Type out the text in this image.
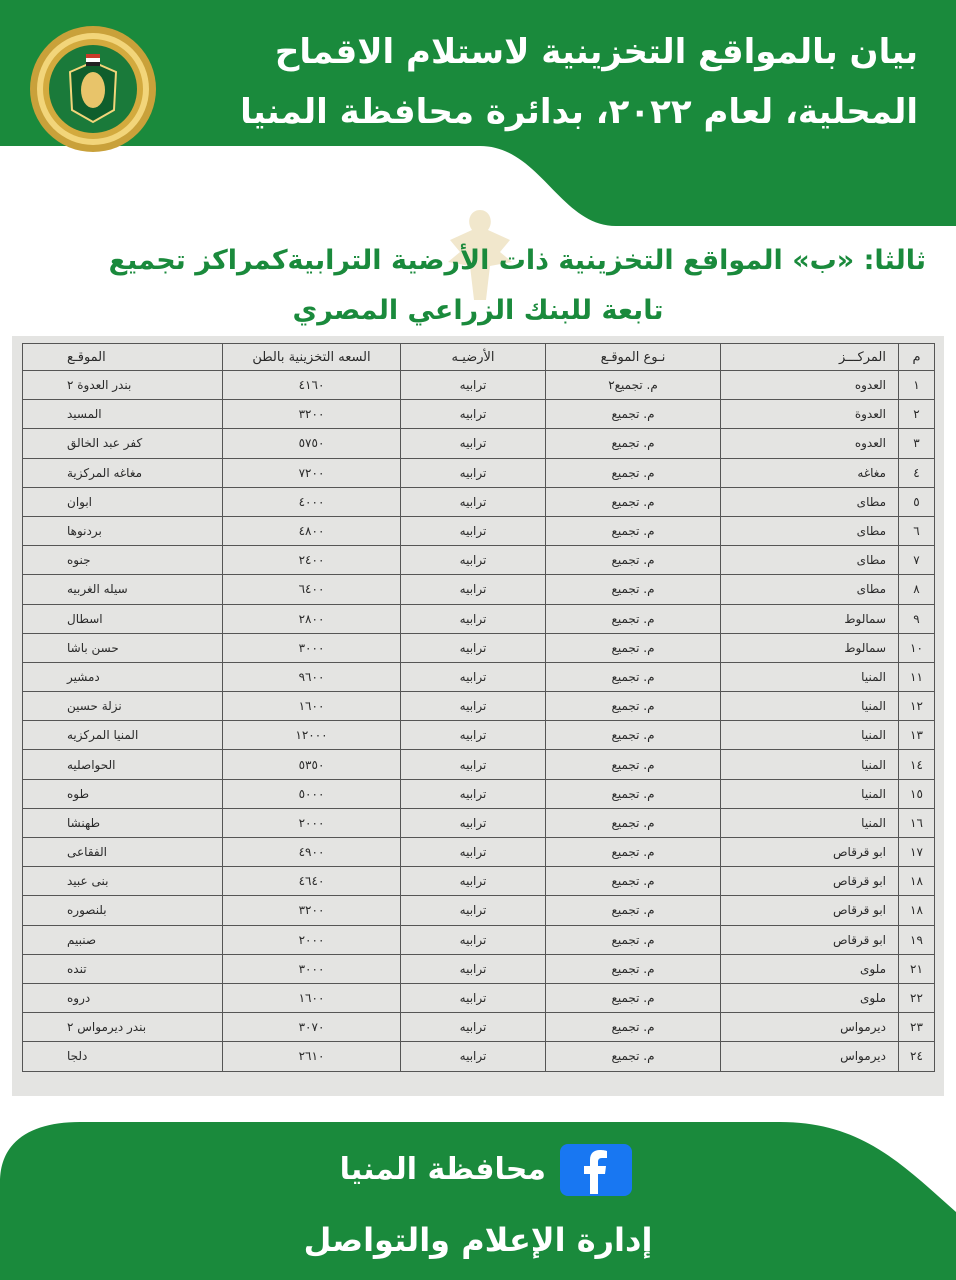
بيان بالمواقع التخزينية لاستلام الاقماح
المحلية، لعام ٢٠٢٢، بدائرة محافظة المنيا
ثالثا: «ب» المواقع التخزينية ذات الأرضية الترابيةكمراكز تجميع
تابعة للبنك الزراعي المصري
م	المركـــز	نـوع الموقـع	الأرضيـه	السعه التخزينية بالطن	الموقـع
١	العدوه	م. تجميع٢	ترابيه	٤١٦٠	بندر العدوة ٢
٢	العدوة	م. تجميع	ترابيه	٣٢٠٠	المسيد
٣	العدوه	م. تجميع	ترابيه	٥٧٥٠	كفر عبد الخالق
٤	مغاغه	م. تجميع	ترابيه	٧٢٠٠	مغاغه المركزية
٥	مطاى	م. تجميع	ترابيه	٤٠٠٠	ابوان
٦	مطاى	م. تجميع	ترابيه	٤٨٠٠	بردنوها
٧	مطاى	م. تجميع	ترابيه	٢٤٠٠	جنوه
٨	مطاى	م. تجميع	ترابيه	٦٤٠٠	سيله الغربيه
٩	سمالوط	م. تجميع	ترابيه	٢٨٠٠	اسطال
١٠	سمالوط	م. تجميع	ترابيه	٣٠٠٠	حسن باشا
١١	المنيا	م. تجميع	ترابيه	٩٦٠٠	دمشير
١٢	المنيا	م. تجميع	ترابيه	١٦٠٠	نزلة حسين
١٣	المنيا	م. تجميع	ترابيه	١٢٠٠٠	المنيا المركزيه
١٤	المنيا	م. تجميع	ترابيه	٥٣٥٠	الحواصليه
١٥	المنيا	م. تجميع	ترابيه	٥٠٠٠	طوه
١٦	المنيا	م. تجميع	ترابيه	٢٠٠٠	طهنشا
١٧	ابو قرقاص	م. تجميع	ترابيه	٤٩٠٠	الفقاعى
١٨	ابو قرقاص	م. تجميع	ترابيه	٤٦٤٠	بنى عبيد
١٨	ابو قرقاص	م. تجميع	ترابيه	٣٢٠٠	بلنصوره
١٩	ابو قرقاص	م. تجميع	ترابيه	٢٠٠٠	صنبيم
٢١	ملوى	م. تجميع	ترابيه	٣٠٠٠	تنده
٢٢	ملوى	م. تجميع	ترابيه	١٦٠٠	دروه
٢٣	ديرمواس	م. تجميع	ترابيه	٣٠٧٠	بندر ديرمواس ٢
٢٤	ديرمواس	م. تجميع	ترابيه	٢٦١٠	دلجا
محافظة المنيا
إدارة الإعلام والتواصل
